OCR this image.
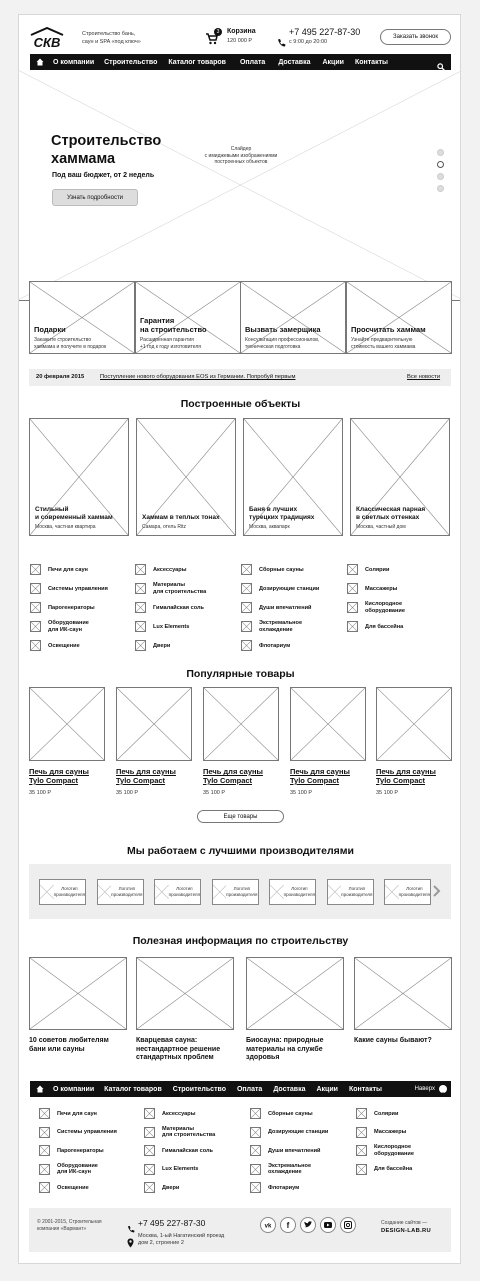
СКВ
Строительство бань,
саун и SPA «под ключ»
3	Корзина
120 000 Р
+7 495 227-87-30
с 9:00 до 20:00
Заказать звонок
О компании Строительство Каталог товаров Оплата Доставка Акции Контакты
Строительство
хаммама
Под ваш бюджет, от 2 недель
Узнать подробности
Слайдер
с имиджевыми изображениями
построенных объектов
20 февраля 2015	Поступление нового оборудования EOS из Германии. Попробуй первым	Все новости
Построенные объекты
Популярные товары
Еще товары
Мы работаем с лучшими производителями
Полезная информация по строительству
О компании Каталог товаров Строительство Оплата Доставка Акции Контакты	Наверх
© 2001-2015, Строительная
компания «Вармант»
+7 495 227-87-30
Москва, 1-ый Нагатинский проезд
дом 2, строение 2
Создание сайтов —
DESIGN-LAB.RU
Подарки
Закажите строительство
хаммама и получите в подарок
Гарантия
на строительство
Расширенная гарантия
+1 год к году изготовителя
Вызвать замерщика
Консультация профессионалов,
техническая подготовка
Просчитать хаммам
Узнайте предварительную
стоимость вашего хаммама
Стильный
и современный хаммам
Москва, частная квартира
Хаммам в теплых тонах
Самара, отель Ritz
Баня в лучших
турецких традициях
Москва, аквапарк
Классическая парная
в светлых оттенках
Москва, частный дом
Печи для саун
Системы управления
Парогенераторы
Оборудование
для ИК-саун
Освещение
Аксессуары
Материалы
для строительства
Гималайская соль
Lux Elements
Двери
Сборные сауны
Дозирующие станции
Души впечатлений
Экстремальное
охлаждение
Флотариум
Солярии
Массажеры
Кислородное
оборудование
Для бассейна
Печь для сауны
Tylo Compact
35 100 Р
Печь для сауны
Tylo Compact
35 100 Р
Печь для сауны
Tylo Compact
35 100 Р
Печь для сауны
Tylo Compact
35 100 Р
Печь для сауны
Tylo Compact
35 100 Р
Логотип
производителя
Логотип
производителя
Логотип
производителя
Логотип
производителя
Логотип
производителя
Логотип
производителя
Логотип
производителя
10 советов любителям
бани или сауны
Кварцевая сауна:
нестандартное решение
стандартных проблем
Биосауна: природные
материалы на службе
здоровья
Какие сауны бывают?
Печи для саун
Системы управления
Парогенераторы
Оборудование
для ИК-саун
Освещение
Аксессуары
Материалы
для строительства
Гималайская соль
Lux Elements
Двери
Сборные сауны
Дозирующие станции
Души впечатлений
Экстремальное
охлаждение
Флотариум
Солярии
Массажеры
Кислородное
оборудование
Для бассейна
vk f
